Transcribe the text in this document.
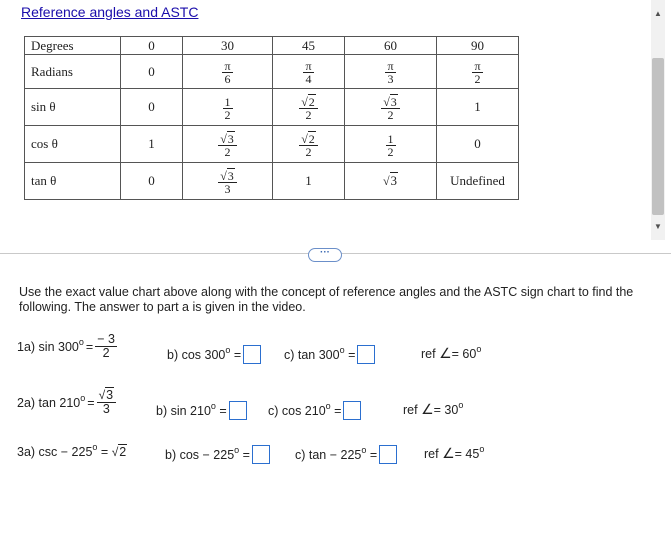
Reference angles and ASTC
Degrees	0	30	45	60	90
Radians	0	$\frac{\pi}{6}$	$\frac{\pi}{4}$	$\frac{\pi}{3}$	$\frac{\pi}{2}$

sin θ	0	$\frac{1}{2}$	$\frac{√2}{2}$	$\frac{√3}{2}$	1
cos θ	1	$\frac{√3}{2}$	$\frac{√2}{2}$	$\frac{1}{2}$	0
tan θ	0	$\frac{√3}{3}$	1	√3	Undefined
▲
▼
···
Use the exact value chart above along with the concept of reference angles and the ASTC sign chart to find the following. The answer to part a is given in the video.
1a) sin 300 $o = \frac{- 3}{2}$	b) cos 300 o =	c) tan 300 o =	ref
∠ = 60 o
2a) tan 210 $o = \frac{√3}{3}$	b) sin 210 o =	c) cos 210 o =	ref
∠ = 30 o
3a) csc − 225 o
=
√2	b) cos − 225 o =	c) tan − 225 o =	ref
∠ = 45 o
